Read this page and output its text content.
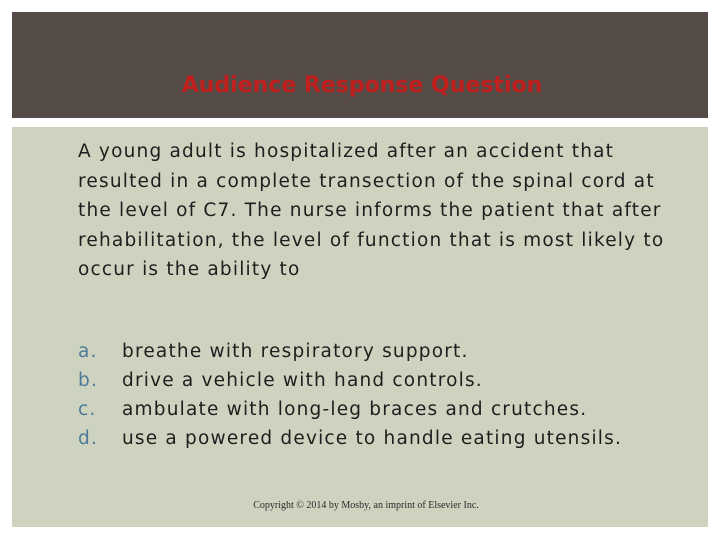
Audience Response Question
A young adult is hospitalized after an accident that resulted in a complete transection of the spinal cord at the level of C7. The nurse informs the patient that after rehabilitation, the level of function that is most likely to occur is the ability to
a.	breathe with respiratory support.
b.	drive a vehicle with hand controls.
c.	ambulate with long-leg braces and crutches.
d.	use a powered device to handle eating utensils.
Copyright © 2014 by Mosby, an imprint of Elsevier Inc.
